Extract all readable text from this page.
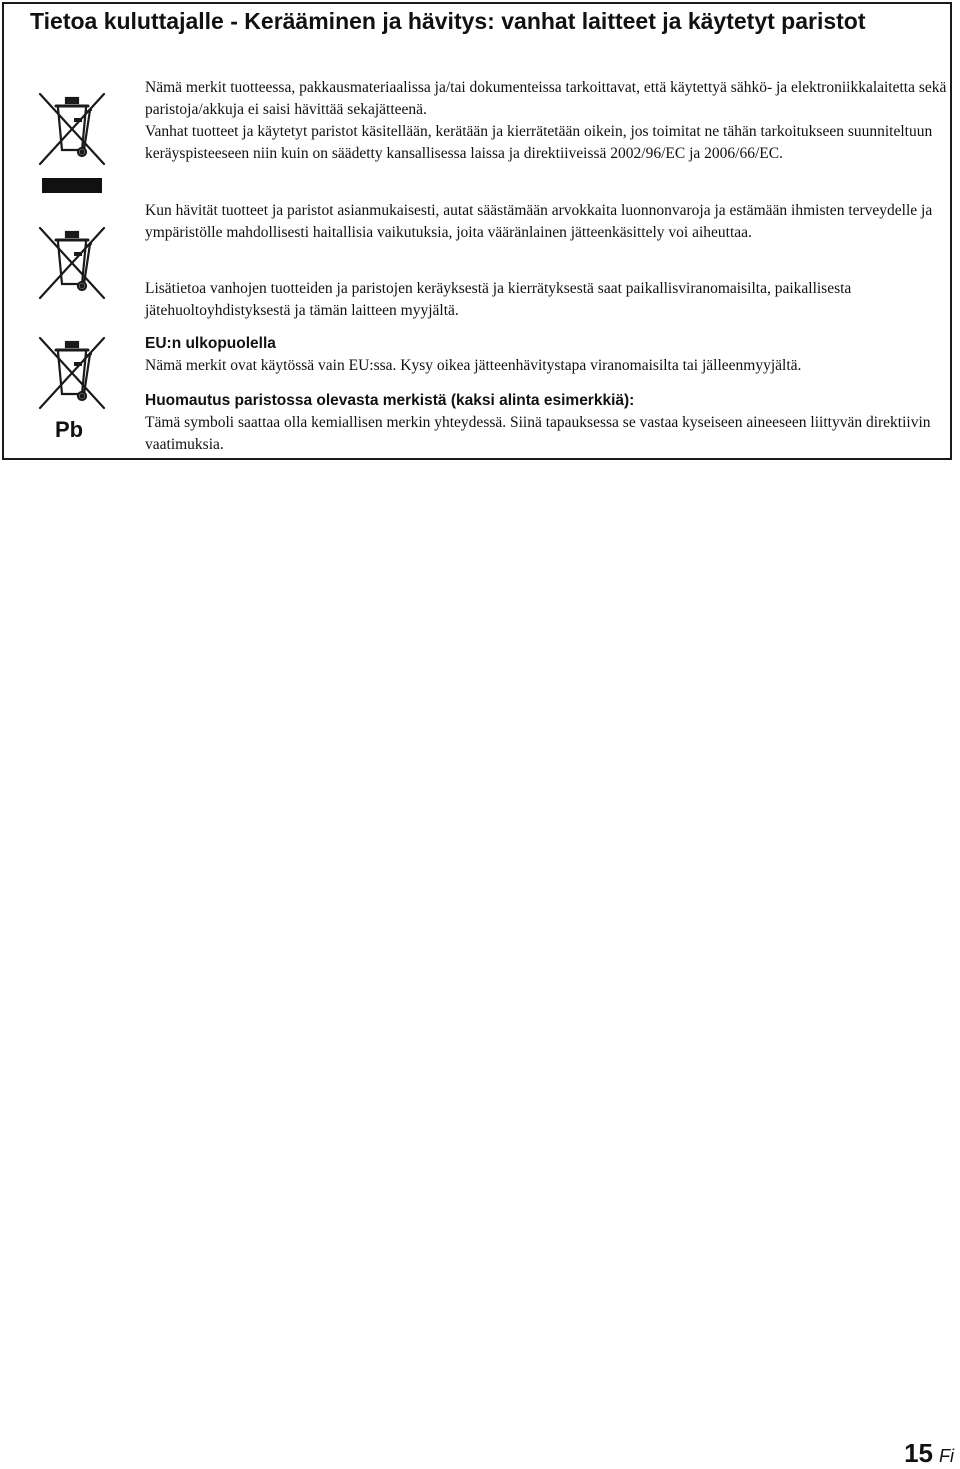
Tietoa kuluttajalle - Kerääminen ja hävitys: vanhat laitteet ja käytetyt paristot
Pb

Nämä merkit tuotteessa, pakkausmateriaalissa ja/tai dokumenteissa tarkoittavat, että käytettyä sähkö- ja elektroniikkalaitetta sekä paristoja/akkuja ei saisi hävittää sekajätteenä.

Vanhat tuotteet ja käytetyt paristot käsitellään, kerätään ja kierrätetään oikein, jos toimitat ne tähän tarkoitukseen suunniteltuun keräyspisteeseen niin kuin on säädetty kansallisessa laissa ja direktiiveissä 2002/96/EC ja 2006/66/EC.

Kun hävität tuotteet ja paristot asianmukaisesti, autat säästämään arvokkaita luonnonvaroja ja estämään ihmisten terveydelle ja ympäristölle mahdollisesti haitallisia vaikutuksia, joita vääränlainen jätteenkäsittely voi aiheuttaa.

Lisätietoa vanhojen tuotteiden ja paristojen keräyksestä ja kierrätyksestä saat paikallisviranomaisilta, paikallisesta jätehuoltoyhdistyksestä ja tämän laitteen myyjältä.

EU:n ulkopuolella

Nämä merkit ovat käytössä vain EU:ssa. Kysy oikea jätteenhävitystapa viranomaisilta tai jälleenmyyjältä.

Huomautus paristossa olevasta merkistä (kaksi alinta esimerkkiä):

Tämä symboli saattaa olla kemiallisen merkin yhteydessä. Siinä tapauksessa se vastaa kyseiseen aineeseen liittyvän direktiivin vaatimuksia.

15 Fi
